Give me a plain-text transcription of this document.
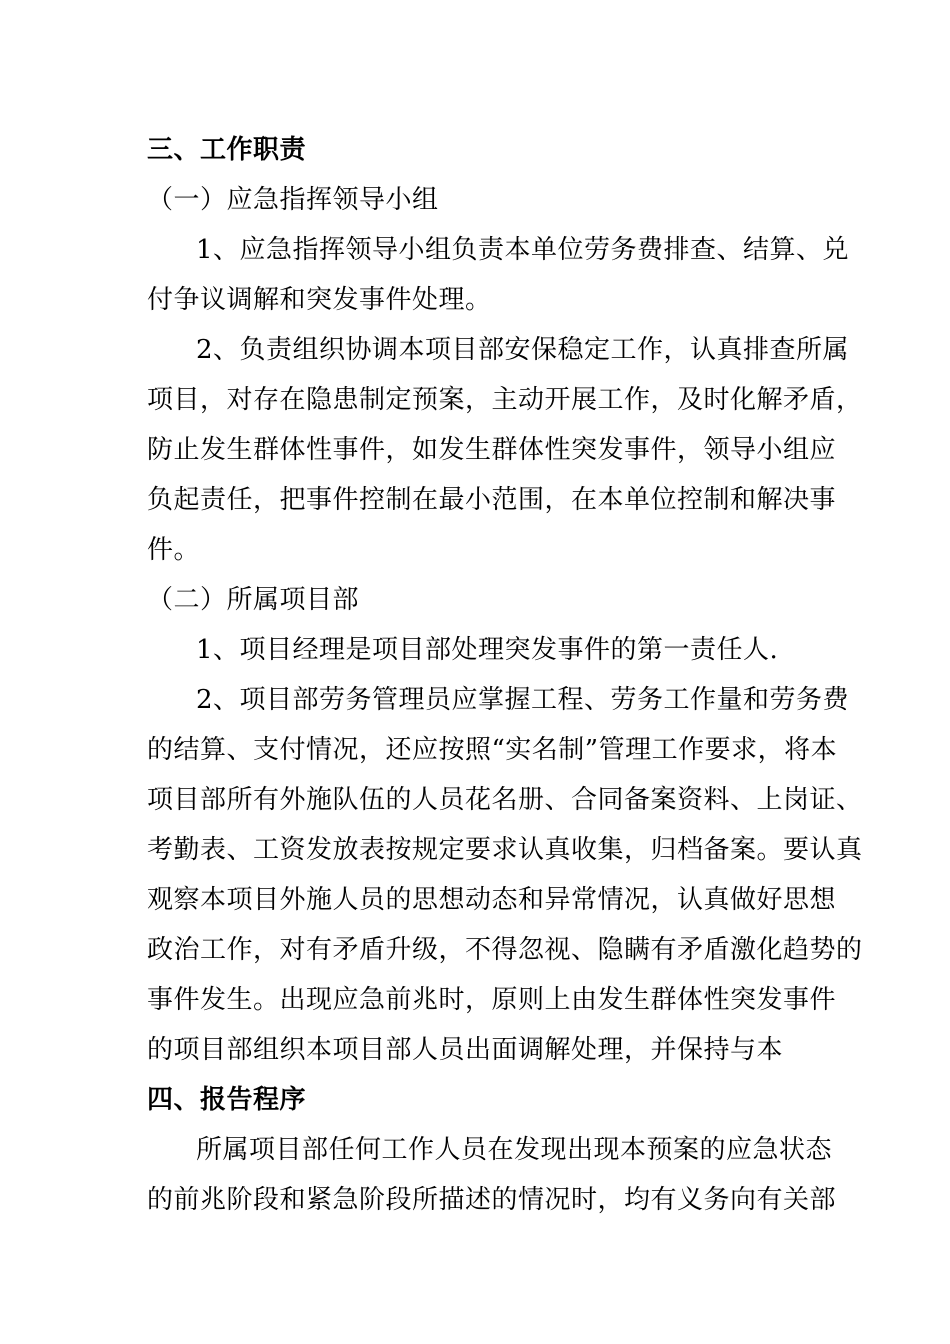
三、工作职责
（一）应急指挥领导小组
1、应急指挥领导小组负责本单位劳务费排查、结算、兑
付争议调解和突发事件处理。
2、负责组织协调本项目部安保稳定工作，认真排查所属
项目，对存在隐患制定预案，主动开展工作，及时化解矛盾，
防止发生群体性事件，如发生群体性突发事件，领导小组应
负起责任，把事件控制在最小范围，在本单位控制和解决事
件。
（二）所属项目部
1、项目经理是项目部处理突发事件的第一责任人.
2、项目部劳务管理员应掌握工程、劳务工作量和劳务费
的结算、支付情况，还应按照“实名制”管理工作要求，将本
项目部所有外施队伍的人员花名册、合同备案资料、上岗证、
考勤表、工资发放表按规定要求认真收集，归档备案。要认真
观察本项目外施人员的思想动态和异常情况，认真做好思想
政治工作，对有矛盾升级，不得忽视、隐瞒有矛盾激化趋势的
事件发生。出现应急前兆时，原则上由发生群体性突发事件
的项目部组织本项目部人员出面调解处理，并保持与本
四、报告程序
所属项目部任何工作人员在发现出现本预案的应急状态
的前兆阶段和紧急阶段所描述的情况时，均有义务向有关部
